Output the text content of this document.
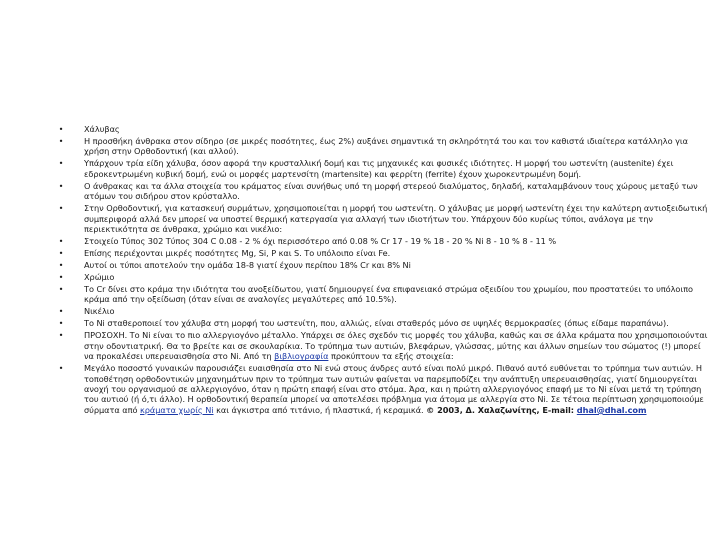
•	Χάλυβας
•	Η προσθήκη άνθρακα στον σίδηρο (σε μικρές ποσότητες, έως 2%) αυξάνει σημαντικά τη σκληρότητά του και τον καθιστά ιδιαίτερα κατάλληλο για χρήση στην Ορθοδοντική (και αλλού).
•	Υπάρχουν τρία είδη χάλυβα, όσον αφορά την κρυσταλλική δομή και τις μηχανικές και φυσικές ιδιότητες. Η μορφή του ωστενίτη (austenite) έχει εδροκεντρωμένη κυβική δομή, ενώ οι μορφές μαρτενσίτη (martensite) και φερρίτη (ferrite) έχουν χωροκεντρωμένη δομή.
•	Ο άνθρακας και τα άλλα στοιχεία του κράματος είναι συνήθως υπό τη μορφή στερεού διαλύματος, δηλαδή, καταλαμβάνουν τους χώρους μεταξύ των ατόμων του σιδήρου στον κρύσταλλο.
•	Στην Ορθοδοντική, για κατασκευή συρμάτων, χρησιμοποιείται η μορφή του ωστενίτη. Ο χάλυβας με μορφή ωστενίτη έχει την καλύτερη αντιοξειδωτική συμπεριφορά αλλά δεν μπορεί να υποστεί θερμική κατεργασία για αλλαγή των ιδιοτήτων του. Υπάρχουν δύο κυρίως τύποι, ανάλογα με την περιεκτικότητα σε άνθρακα, χρώμιο και νικέλιο:
•	Στοιχείο Τύπος 302 Τύπος 304 C 0.08 - 2 % όχι περισσότερο από 0.08 % Cr 17 - 19 % 18 - 20 % Ni 8 - 10 % 8 - 11 %
•	Επίσης περιέχονται μικρές ποσότητες Mg, Si, P και S. Το υπόλοιπο είναι Fe.
•	Αυτοί οι τύποι αποτελούν την ομάδα 18-8 γιατί έχουν περίπου 18% Cr και 8% Ni
•	Χρώμιο
•	Το Cr δίνει στο κράμα την ιδιότητα του ανοξείδωτου, γιατί δημιουργεί ένα επιφανειακό στρώμα οξειδίου του χρωμίου, που προστατεύει το υπόλοιπο κράμα από την οξείδωση (όταν είναι σε αναλογίες μεγαλύτερες από 10.5%).
•	Νικέλιο
•	Το Ni σταθεροποιεί τον χάλυβα στη μορφή του ωστενίτη, που, αλλιώς, είναι σταθερός μόνο σε υψηλές θερμοκρασίες (όπως είδαμε παραπάνω).
•	ΠΡΟΣΟΧΗ. Το Ni είναι το πιο αλλεργιογόνο μέταλλο. Υπάρχει σε όλες σχεδόν τις μορφές του χάλυβα, καθώς και σε άλλα κράματα που χρησιμοποιούνται στην οδοντιατρική. Θα το βρείτε και σε σκουλαρίκια. Το τρύπημα των αυτιών, βλεφάρων, γλώσσας, μύτης και άλλων σημείων του σώματος (!) μπορεί να προκαλέσει υπερευαισθησία στο Ni. Από τη βιβλιογραφία προκύπτουν τα εξής στοιχεία:
•	Μεγάλο ποσοστό γυναικών παρουσιάζει ευαισθησία στο Ni ενώ στους άνδρες αυτό είναι πολύ μικρό. Πιθανό αυτό ευθύνεται το τρύπημα των αυτιών. Η τοποθέτηση ορθοδοντικών μηχανημάτων πριν το τρύπημα των αυτιών φαίνεται να παρεμποδίζει την ανάπτυξη υπερευαισθησίας, γιατί δημιουργείται ανοχή του οργανισμού σε αλλεργιογόνο, όταν η πρώτη επαφή είναι στο στόμα. Άρα, και η πρώτη αλλεργιογόνος επαφή με το Ni είναι μετά τη τρύπηση του αυτιού (ή ό,τι άλλο). Η ορθοδοντική θεραπεία μπορεί να αποτελέσει πρόβλημα για άτομα με αλλεργία στο Ni. Σε τέτοια περίπτωση χρησιμοποιούμε σύρματα από κράματα χωρίς Ni και άγκιστρα από τιτάνιο, ή πλαστικά, ή κεραμικά. © 2003, Δ. Χαλαζωνίτης, E-mail: dhal@dhal.com
